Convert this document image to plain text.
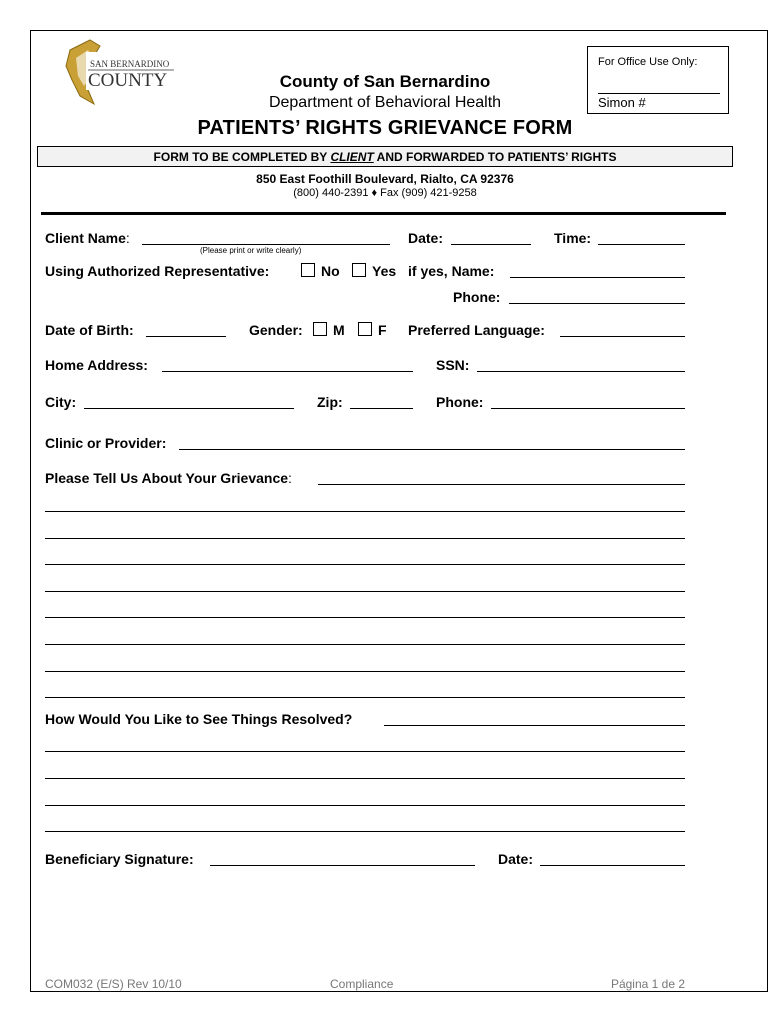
SAN BERNARDINO
COUNTY
For Office Use Only:
Simon #
County of San Bernardino
Department of Behavioral Health
PATIENTS’ RIGHTS GRIEVANCE FORM
FORM TO BE COMPLETED BY CLIENT AND FORWARDED TO PATIENTS’ RIGHTS
850 East Foothill Boulevard, Rialto, CA 92376
(800) 440-2391 ♦ Fax (909) 421-9258
Client Name:
(Please print or write clearly)
Date:	Time:
Using Authorized Representative:	No Yes if yes, Name:
Phone:
Date of Birth:	Gender: M F Preferred Language:
Home Address:	SSN:
City:	Zip:	Phone:
Clinic or Provider:
Please Tell Us About Your Grievance:
How Would You Like to See Things Resolved?
Beneficiary Signature:	Date:
COM032 (E/S) Rev 10/10	Compliance	Página 1 de 2
